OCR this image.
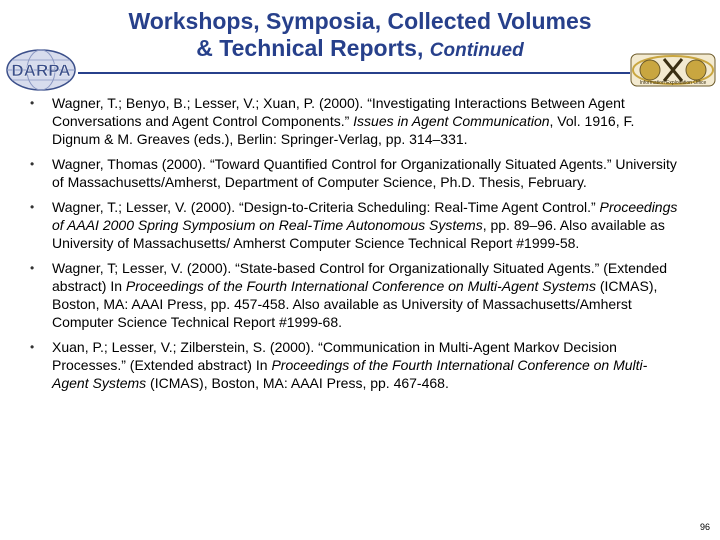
Workshops, Symposia, Collected Volumes
& Technical Reports, Continued
DARPA
Information Exploitation Office
• Wagner, T.; Benyo, B.; Lesser, V.; Xuan, P. (2000). “Investigating Interactions Between Agent Conversations and Agent Control Components.” Issues in Agent Communication, Vol. 1916, F. Dignum & M. Greaves (eds.), Berlin: Springer-Verlag, pp. 314–331.
• Wagner, Thomas (2000). “Toward Quantified Control for Organizationally Situated Agents.” University of Massachusetts/Amherst, Department of Computer Science, Ph.D. Thesis, February.
• Wagner, T.; Lesser, V. (2000). “Design-to-Criteria Scheduling: Real-Time Agent Control.” Proceedings of AAAI 2000 Spring Symposium on Real-Time Autonomous Systems, pp. 89–96. Also available as University of Massachusetts/ Amherst Computer Science Technical Report #1999-58.
• Wagner, T; Lesser, V. (2000). “State-based Control for Organizationally Situated Agents.” (Extended abstract) In Proceedings of the Fourth International Conference on Multi-Agent Systems (ICMAS), Boston, MA: AAAI Press, pp. 457-458. Also available as University of Massachusetts/Amherst Computer Science Technical Report #1999-68.
• Xuan, P.; Lesser, V.; Zilberstein, S. (2000). “Communication in Multi-Agent Markov Decision Processes.” (Extended abstract) In Proceedings of the Fourth International Conference on Multi-Agent Systems (ICMAS), Boston, MA: AAAI Press, pp. 467-468.
96
